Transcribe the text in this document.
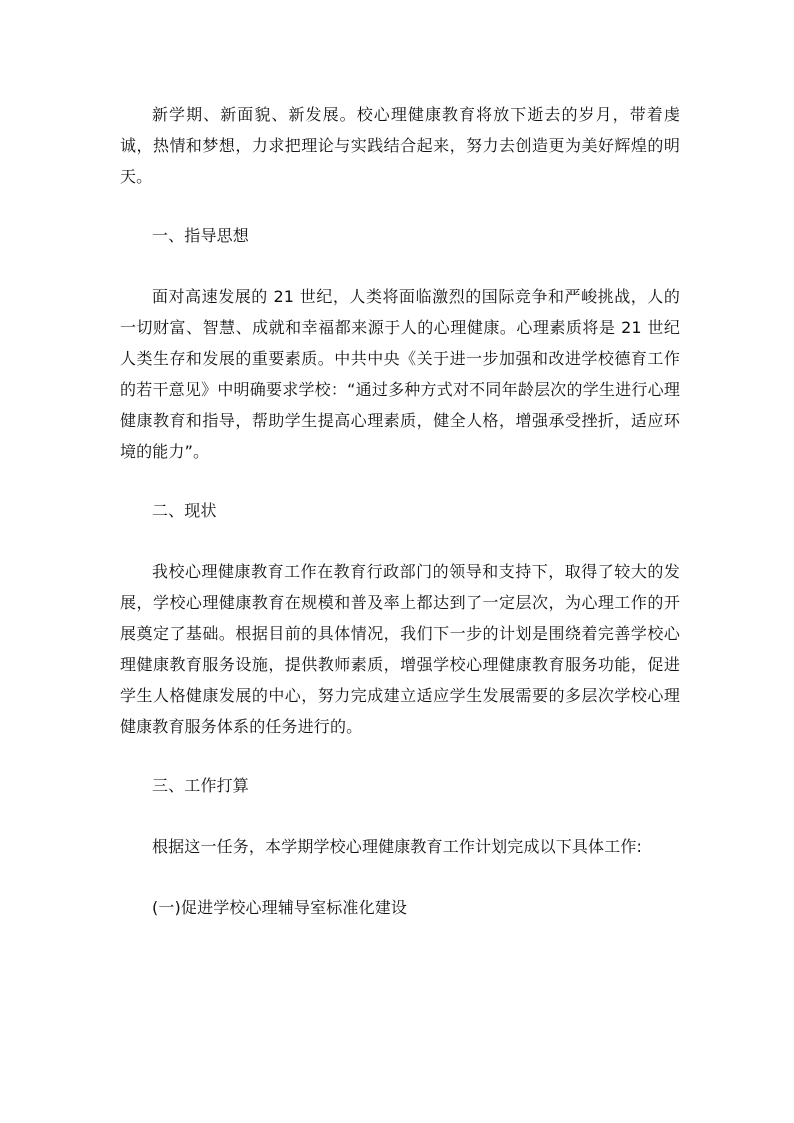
新学期、新面貌、新发展。校心理健康教育将放下逝去的岁月，带着虔诚，热情和梦想，力求把理论与实践结合起来，努力去创造更为美好辉煌的明天。

一、指导思想

面对高速发展的 21 世纪，人类将面临激烈的国际竞争和严峻挑战，人的一切财富、智慧、成就和幸福都来源于人的心理健康。心理素质将是 21 世纪人类生存和发展的重要素质。中共中央《关于进一步加强和改进学校德育工作的若干意见》中明确要求学校：“通过多种方式对不同年龄层次的学生进行心理健康教育和指导，帮助学生提高心理素质，健全人格，增强承受挫折，适应环境的能力”。

二、现状

我校心理健康教育工作在教育行政部门的领导和支持下，取得了较大的发展，学校心理健康教育在规模和普及率上都达到了一定层次，为心理工作的开展奠定了基础。根据目前的具体情况，我们下一步的计划是围绕着完善学校心理健康教育服务设施，提供教师素质，增强学校心理健康教育服务功能，促进学生人格健康发展的中心，努力完成建立适应学生发展需要的多层次学校心理健康教育服务体系的任务进行的。

三、工作打算

根据这一任务，本学期学校心理健康教育工作计划完成以下具体工作:

(一)促进学校心理辅导室标准化建设
